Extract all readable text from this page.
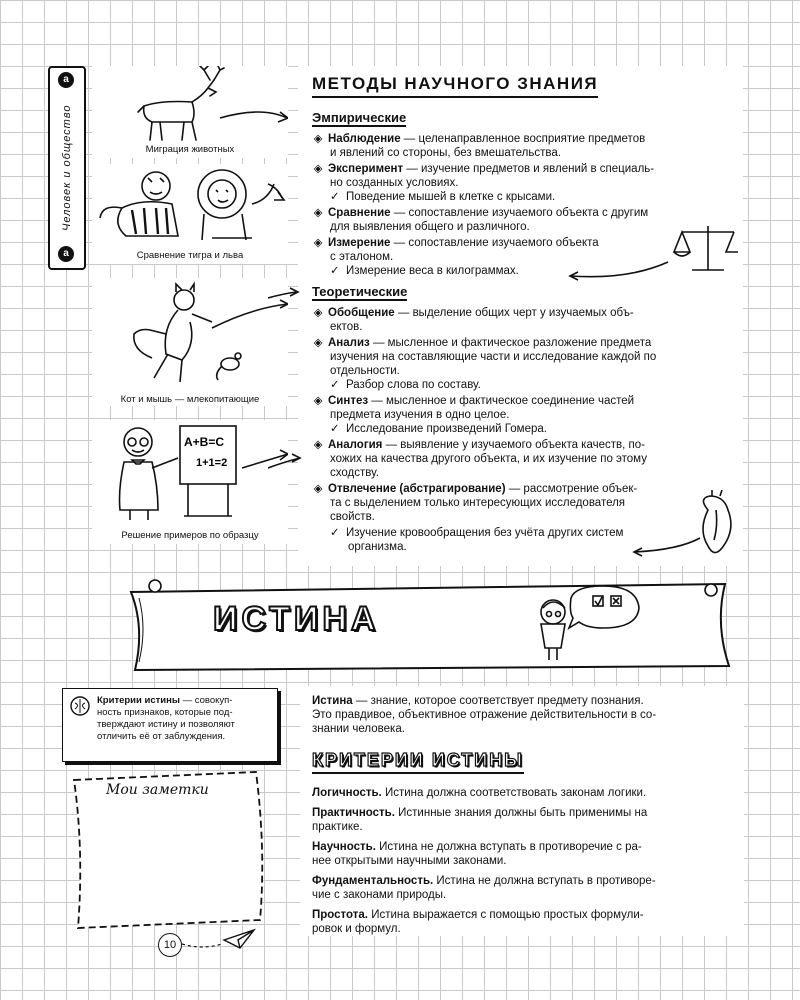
а
Человек и общество
а
Миграция животных
Сравнение тигра и льва
Кот и мышь — млекопитающие
А+В=С
1+1=2
Решение примеров по образцу
МЕТОДЫ НАУЧНОГО ЗНАНИЯ
Эмпирические
◈ Наблюдение — целенаправленное восприятие предметов
и явлений со стороны, без вмешательства.
◈ Эксперимент — изучение предметов и явлений в специаль-
но созданных условиях.
✓ Поведение мышей в клетке с крысами.
◈ Сравнение — сопоставление изучаемого объекта с другим
для выявления общего и различного.
◈ Измерение — сопоставление изучаемого объекта
с эталоном.
✓ Измерение веса в килограммах.
Теоретические
◈ Обобщение — выделение общих черт у изучаемых объ-
ектов.
◈ Анализ — мысленное и фактическое разложение предмета
изучения на составляющие части и исследование каждой по
отдельности.
✓ Разбор слова по составу.
◈ Синтез — мысленное и фактическое соединение частей
предмета изучения в одно целое.
✓ Исследование произведений Гомера.
◈ Аналогия — выявление у изучаемого объекта качеств, по-
хожих на качества другого объекта, и их изучение по этому
сходству.
◈ Отвлечение (абстрагирование) — рассмотрение объек-
та с выделением только интересующих исследователя
свойств.
✓ Изучение кровообращения без учёта других систем
организма.
ИСТИНА
Критерии истины — совокуп-
ность признаков, которые под-
тверждают истину и позволяют
отличить её от заблуждения.
Мои заметки
10
Истина — знание, которое соответствует предмету познания.
Это правдивое, объективное отражение действительности в со-
знании человека.
КРИТЕРИИ ИСТИНЫ
Логичность. Истина должна соответствовать законам логики.
Практичность. Истинные знания должны быть применимы на
практике.
Научность. Истина не должна вступать в противоречие с ра-
нее открытыми научными законами.
Фундаментальность. Истина не должна вступать в противоре-
чие с законами природы.
Простота. Истина выражается с помощью простых формули-
ровок и формул.
